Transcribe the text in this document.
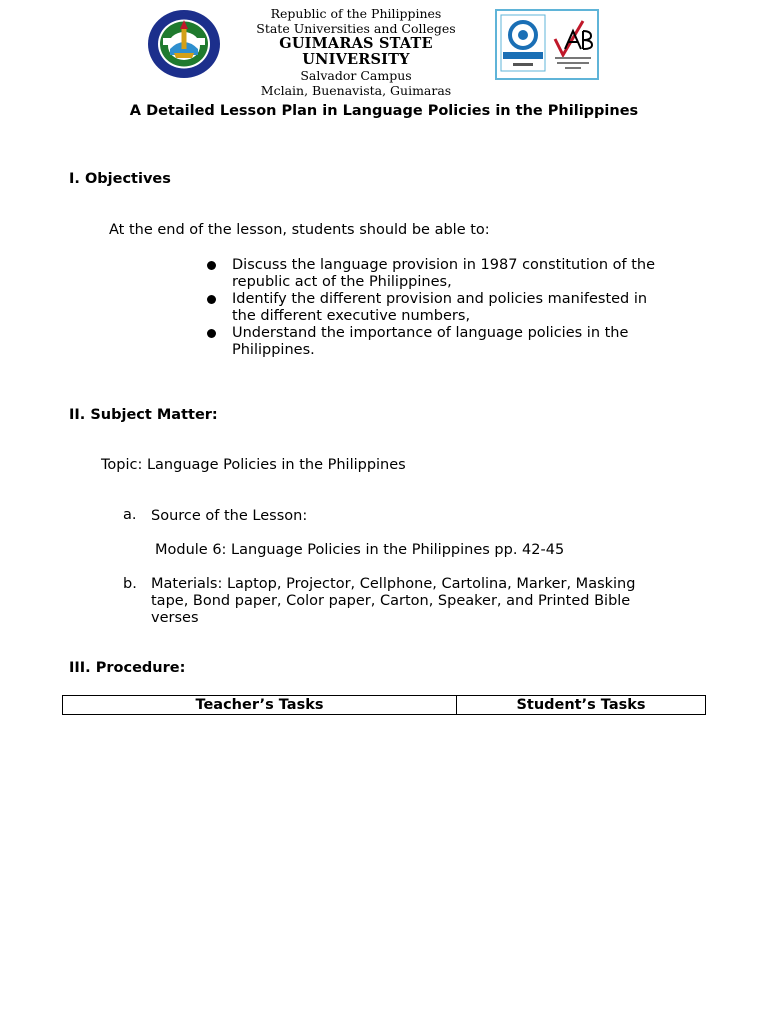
Republic of the Philippines
State Universities and Colleges
GUIMARAS STATE UNIVERSITY
Salvador Campus
Mclain, Buenavista, Guimaras
A Detailed Lesson Plan in Language Policies in the Philippines
I. Objectives
At the end of the lesson, students should be able to:
Discuss the language provision in 1987 constitution of the
republic act of the Philippines,
Identify the different provision and policies manifested in
the different executive numbers,
Understand the importance of language policies in the
Philippines.
II. Subject Matter:
Topic: Language Policies in the Philippines
a. Source of the Lesson:
Module 6: Language Policies in the Philippines pp. 42-45
b. Materials: Laptop, Projector, Cellphone, Cartolina, Marker, Masking
tape, Bond paper, Color paper, Carton, Speaker, and Printed Bible
verses
III. Procedure:
Teacher’s Tasks	Student’s Tasks
